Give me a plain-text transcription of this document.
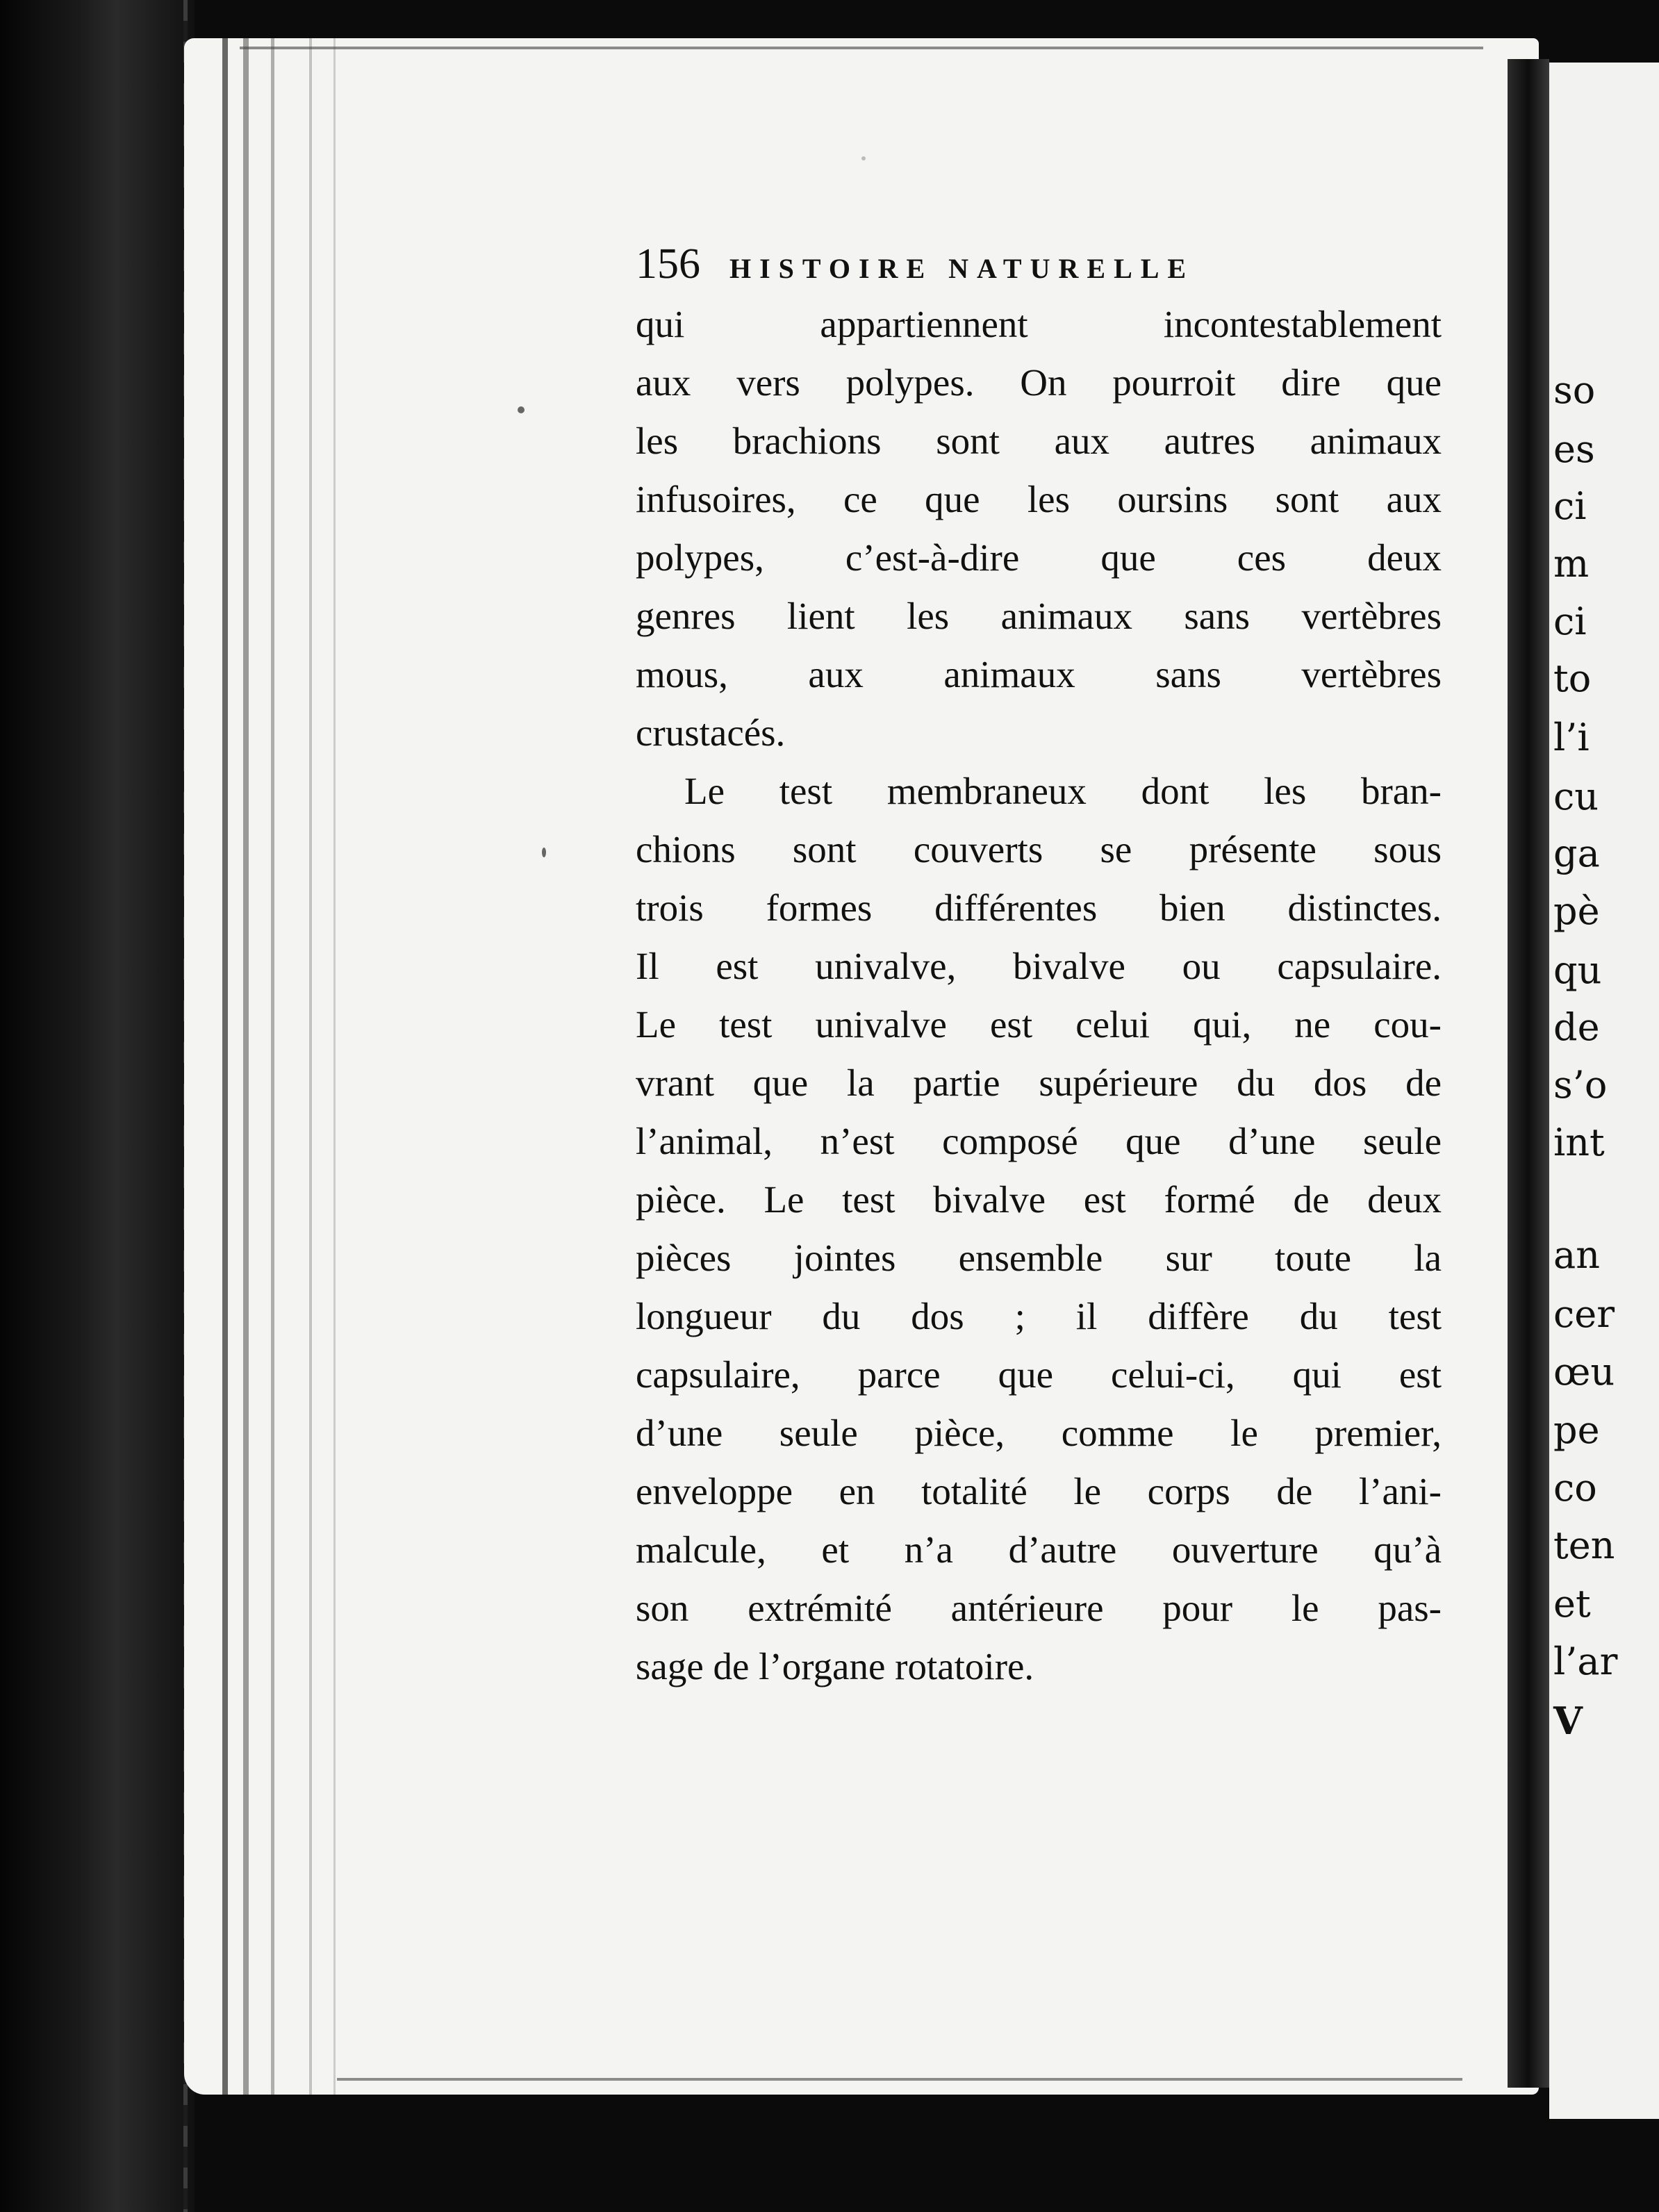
156 HISTOIRE NATURELLE
qui appartiennent incontestablement
aux vers polypes. On pourroit dire que
les brachions sont aux autres animaux
infusoires, ce que les oursins sont aux
polypes, c’est-à-dire que ces deux
genres lient les animaux sans vertèbres
mous, aux animaux sans vertèbres
crustacés.
Le test membraneux dont les bran-
chions sont couverts se présente sous
trois formes différentes bien distinctes.
Il est univalve, bivalve ou capsulaire.
Le test univalve est celui qui, ne cou-
vrant que la partie supérieure du dos de
l’animal, n’est composé que d’une seule
pièce. Le test bivalve est formé de deux
pièces jointes ensemble sur toute la
longueur du dos ; il diffère du test
capsulaire, parce que celui-ci, qui est
d’une seule pièce, comme le premier,
enveloppe en totalité le corps de l’ani-
malcule, et n’a d’autre ouverture qu’à
son extrémité antérieure pour le pas-
sage de l’organe rotatoire.
so
es
ci
m
ci
to
l’i
cu
ga
pè
qu
de
s’o
int
an
cer
œu
pe
co
ten
et
l’ar
V
